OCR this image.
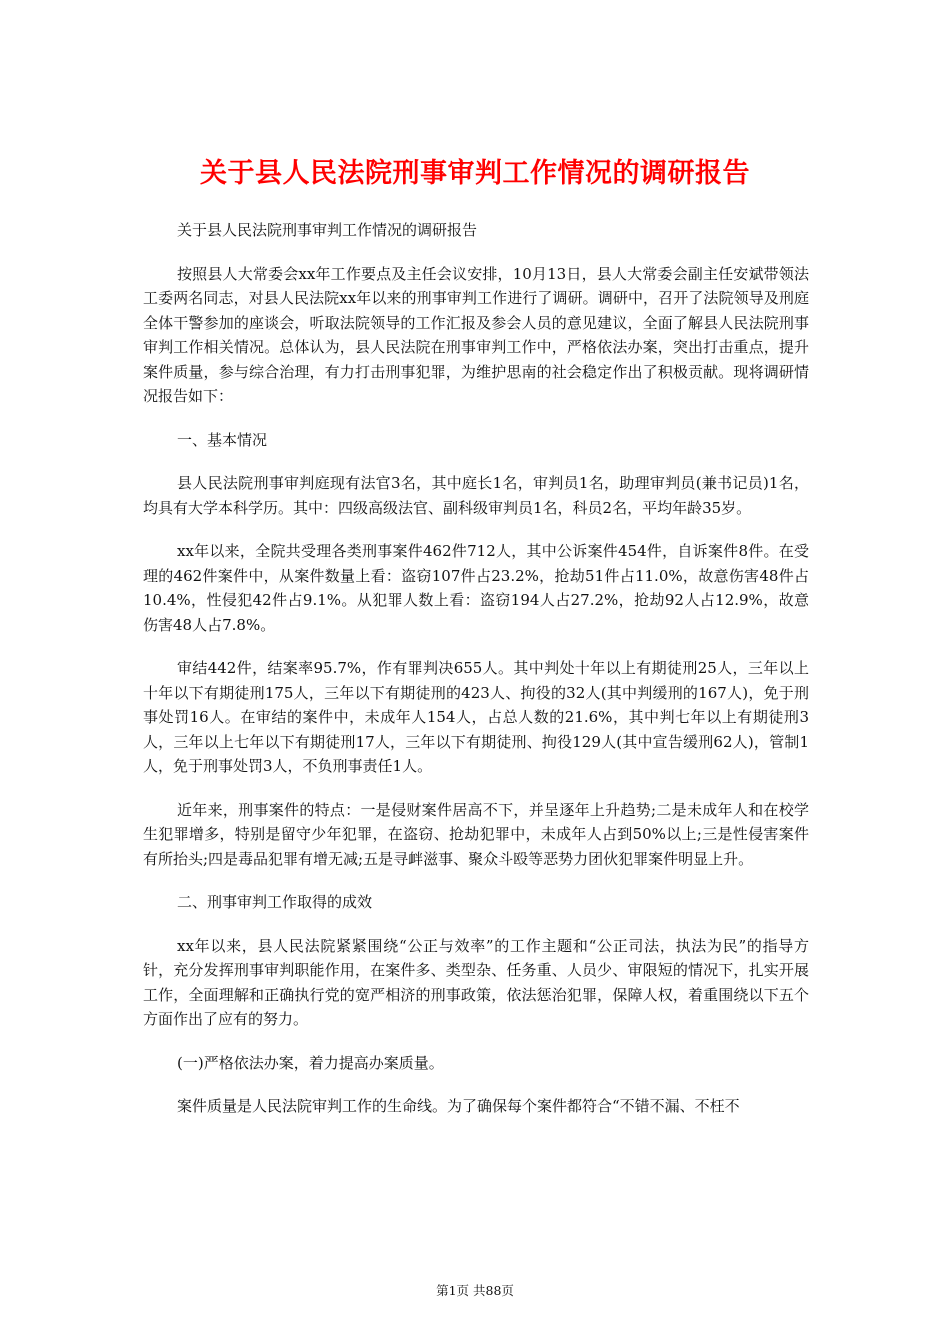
关于县人民法院刑事审判工作情况的调研报告

关于县人民法院刑事审判工作情况的调研报告

按照县人大常委会xx年工作要点及主任会议安排，10月13日，县人大常委会副主任安斌带领法工委两名同志，对县人民法院xx年以来的刑事审判工作进行了调研。调研中，召开了法院领导及刑庭全体干警参加的座谈会，听取法院领导的工作汇报及参会人员的意见建议，全面了解县人民法院刑事审判工作相关情况。总体认为，县人民法院在刑事审判工作中，严格依法办案，突出打击重点，提升案件质量，参与综合治理，有力打击刑事犯罪，为维护思南的社会稳定作出了积极贡献。现将调研情况报告如下：

一、基本情况

县人民法院刑事审判庭现有法官3名，其中庭长1名，审判员1名，助理审判员(兼书记员)1名，均具有大学本科学历。其中：四级高级法官、副科级审判员1名，科员2名，平均年龄35岁。

xx年以来，全院共受理各类刑事案件462件712人，其中公诉案件454件，自诉案件8件。在受理的462件案件中，从案件数量上看：盗窃107件占23.2%，抢劫51件占11.0%，故意伤害48件占10.4%，性侵犯42件占9.1%。从犯罪人数上看：盗窃194人占27.2%，抢劫92人占12.9%，故意伤害48人占7.8%。

审结442件，结案率95.7%，作有罪判决655人。其中判处十年以上有期徒刑25人，三年以上十年以下有期徒刑175人，三年以下有期徒刑的423人、拘役的32人(其中判缓刑的167人)，免于刑事处罚16人。在审结的案件中，未成年人154人，占总人数的21.6%，其中判七年以上有期徒刑3人，三年以上七年以下有期徒刑17人，三年以下有期徒刑、拘役129人(其中宣告缓刑62人)，管制1人，免于刑事处罚3人，不负刑事责任1人。

近年来，刑事案件的特点：一是侵财案件居高不下，并呈逐年上升趋势;二是未成年人和在校学生犯罪增多，特别是留守少年犯罪，在盗窃、抢劫犯罪中，未成年人占到50%以上;三是性侵害案件有所抬头;四是毒品犯罪有增无减;五是寻衅滋事、聚众斗殴等恶势力团伙犯罪案件明显上升。

二、刑事审判工作取得的成效

xx年以来，县人民法院紧紧围绕“公正与效率”的工作主题和“公正司法，执法为民”的指导方针，充分发挥刑事审判职能作用，在案件多、类型杂、任务重、人员少、审限短的情况下，扎实开展工作，全面理解和正确执行党的宽严相济的刑事政策，依法惩治犯罪，保障人权，着重围绕以下五个方面作出了应有的努力。

(一)严格依法办案，着力提高办案质量。

案件质量是人民法院审判工作的生命线。为了确保每个案件都符合“不错不漏、不枉不

第1页 共88页
